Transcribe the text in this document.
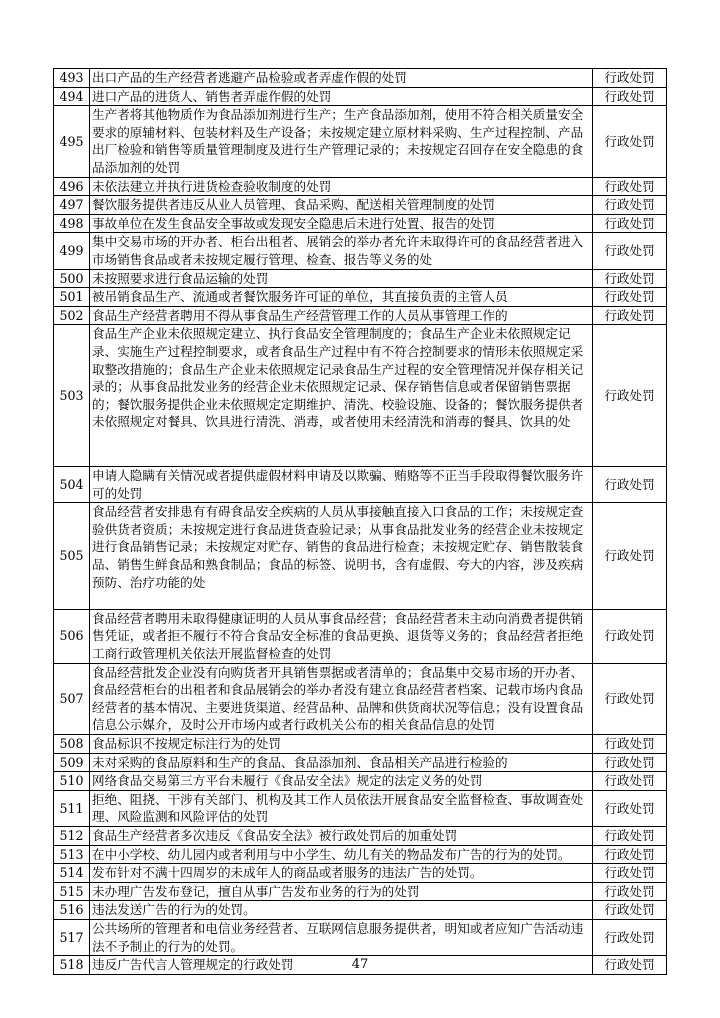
493	出口产品的生产经营者逃避产品检验或者弄虚作假的处罚	行政处罚
494	进口产品的进货人、销售者弄虚作假的处罚	行政处罚
495	生产者将其他物质作为食品添加剂进行生产；生产食品添加剂，使用不符合相关质量安全要求的原辅材料、包装材料及生产设备；未按规定建立原材料采购、生产过程控制、产品出厂检验和销售等质量管理制度及进行生产管理记录的；未按规定召回存在安全隐患的食品添加剂的处罚	行政处罚
496	未依法建立并执行进货检查验收制度的处罚	行政处罚
497	餐饮服务提供者违反从业人员管理、食品采购、配送相关管理制度的处罚	行政处罚
498	事故单位在发生食品安全事故或发现安全隐患后未进行处置、报告的处罚	行政处罚
499	集中交易市场的开办者、柜台出租者、展销会的举办者允许未取得许可的食品经营者进入市场销售食品或者未按规定履行管理、检查、报告等义务的处	行政处罚
500	未按照要求进行食品运输的处罚	行政处罚
501	被吊销食品生产、流通或者餐饮服务许可证的单位，其直接负责的主管人员	行政处罚
502	食品生产经营者聘用不得从事食品生产经营管理工作的人员从事管理工作的	行政处罚
503	食品生产企业未依照规定建立、执行食品安全管理制度的；食品生产企业未依照规定记录、实施生产过程控制要求，或者食品生产过程中有不符合控制要求的情形未依照规定采取整改措施的；食品生产企业未依照规定记录食品生产过程的安全管理情况并保存相关记录的；从事食品批发业务的经营企业未依照规定记录、保存销售信息或者保留销售票据的；餐饮服务提供企业未依照规定定期维护、清洗、校验设施、设备的；餐饮服务提供者未依照规定对餐具、饮具进行清洗、消毒，或者使用未经清洗和消毒的餐具、饮具的处	行政处罚
504	申请人隐瞒有关情况或者提供虚假材料申请及以欺骗、贿赂等不正当手段取得餐饮服务许可的处罚	行政处罚
505	食品经营者安排患有有碍食品安全疾病的人员从事接触直接入口食品的工作；未按规定查验供货者资质；未按规定进行食品进货查验记录；从事食品批发业务的经营企业未按规定进行食品销售记录；未按规定对贮存、销售的食品进行检查；未按规定贮存、销售散装食品、销售生鲜食品和熟食制品；食品的标签、说明书，含有虚假、夸大的内容，涉及疾病预防、治疗功能的处	行政处罚
506	食品经营者聘用未取得健康证明的人员从事食品经营；食品经营者未主动向消费者提供销售凭证，或者拒不履行不符合食品安全标准的食品更换、退货等义务的；食品经营者拒绝工商行政管理机关依法开展监督检查的处罚	行政处罚
507	食品经营批发企业没有向购货者开具销售票据或者清单的；食品集中交易市场的开办者、食品经营柜台的出租者和食品展销会的举办者没有建立食品经营者档案、记载市场内食品经营者的基本情况、主要进货渠道、经营品种、品牌和供货商状况等信息；没有设置食品信息公示媒介，及时公开市场内或者行政机关公布的相关食品信息的处罚	行政处罚
508	食品标识不按规定标注行为的处罚	行政处罚
509	未对采购的食品原料和生产的食品、食品添加剂、食品相关产品进行检验的	行政处罚
510	网络食品交易第三方平台未履行《食品安全法》规定的法定义务的处罚	行政处罚
511	拒绝、阻挠、干涉有关部门、机构及其工作人员依法开展食品安全监督检查、事故调查处理、风险监测和风险评估的处罚	行政处罚
512	食品生产经营者多次违反《食品安全法》被行政处罚后的加重处罚	行政处罚
513	在中小学校、幼儿园内或者利用与中小学生、幼儿有关的物品发布广告的行为的处罚。	行政处罚
514	发布针对不满十四周岁的未成年人的商品或者服务的违法广告的处罚。	行政处罚
515	未办理广告发布登记，擅自从事广告发布业务的行为的处罚	行政处罚
516	违法发送广告的行为的处罚。	行政处罚
517	公共场所的管理者和电信业务经营者、互联网信息服务提供者，明知或者应知广告活动违法不予制止的行为的处罚。	行政处罚
518	违反广告代言人管理规定的行政处罚	行政处罚
47
